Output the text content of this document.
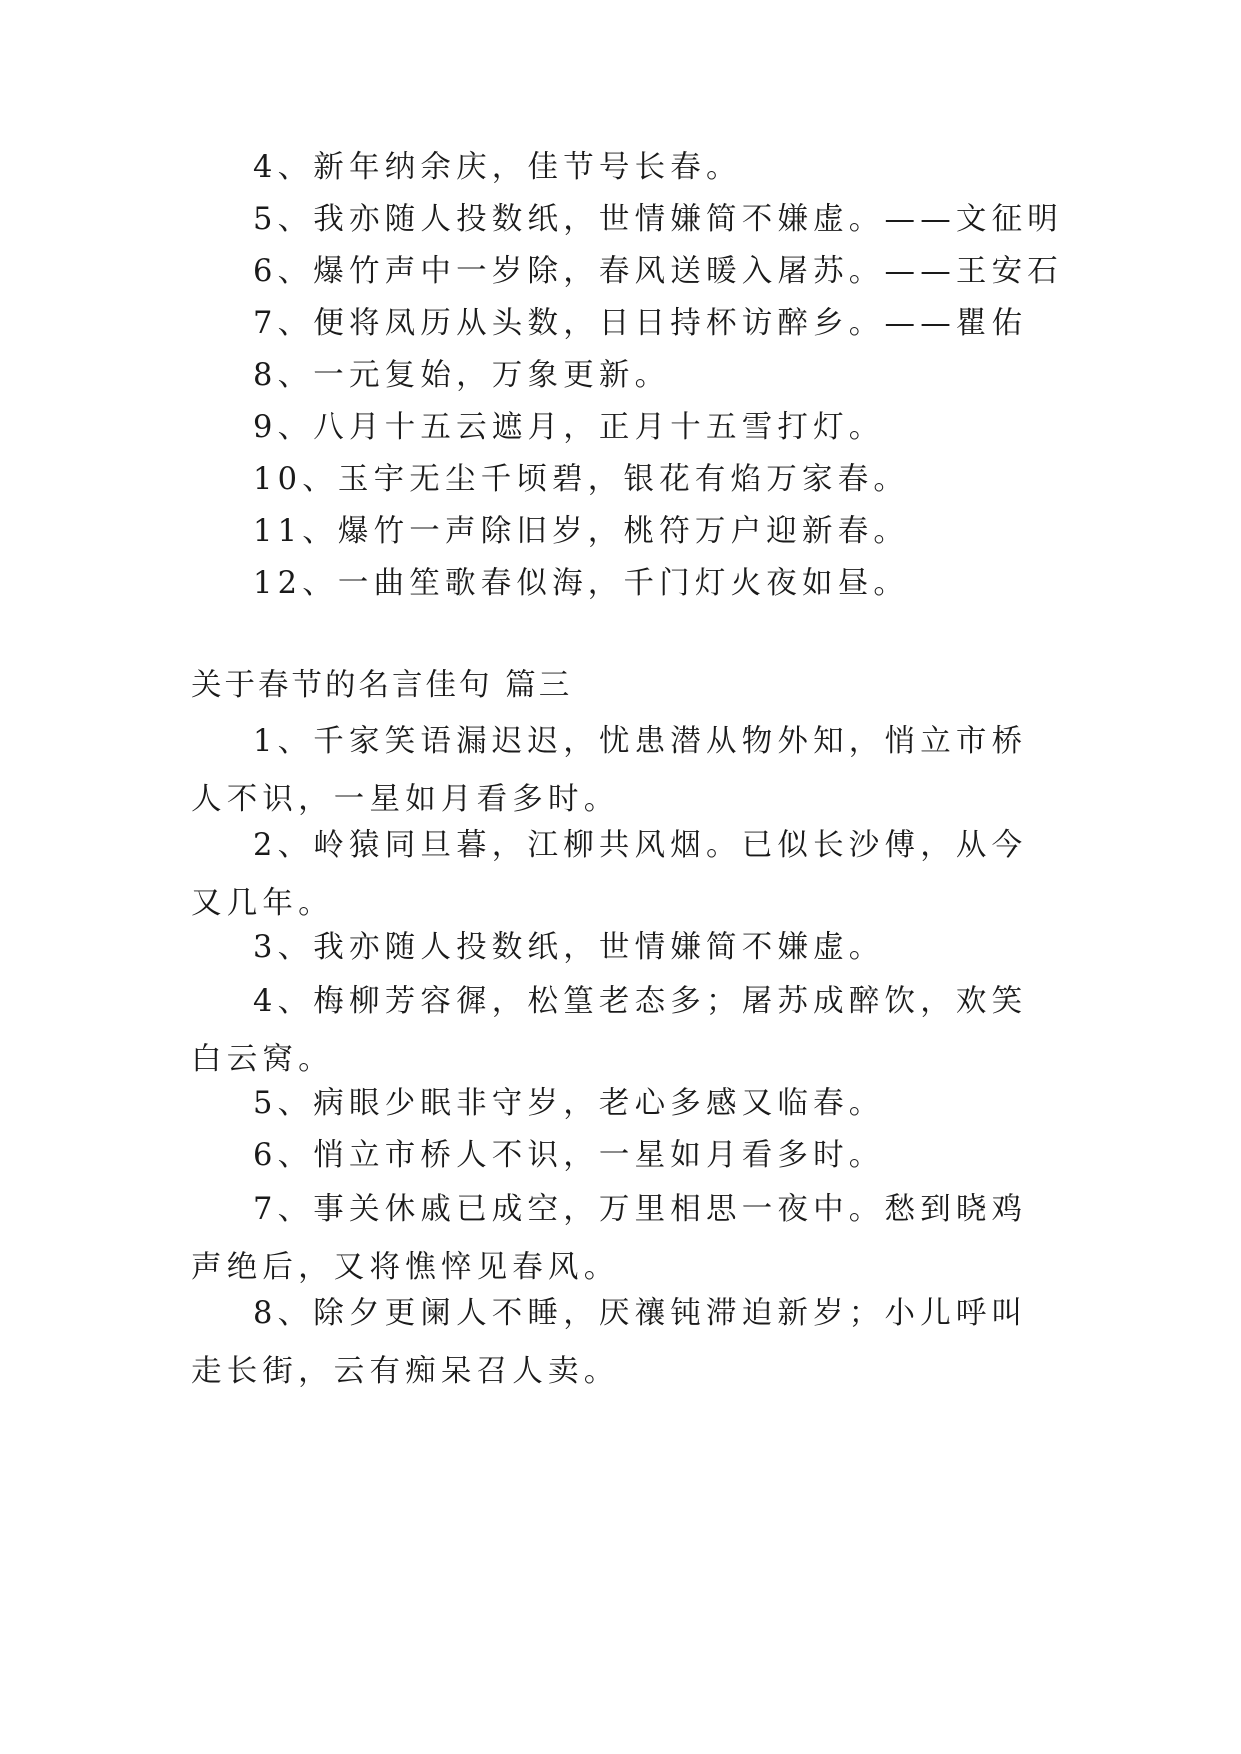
4、新年纳余庆，佳节号长春。
5、我亦随人投数纸，世情嫌简不嫌虚。——文征明
6、爆竹声中一岁除，春风送暖入屠苏。——王安石
7、便将凤历从头数，日日持杯访醉乡。——瞿佑
8、一元复始，万象更新。
9、八月十五云遮月，正月十五雪打灯。
10、玉宇无尘千顷碧，银花有焰万家春。
11、爆竹一声除旧岁，桃符万户迎新春。
12、一曲笙歌春似海，千门灯火夜如昼。
关于春节的名言佳句 篇三
1、千家笑语漏迟迟，忧患潜从物外知，悄立市桥人不识，一星如月看多时。
2、岭猿同旦暮，江柳共风烟。已似长沙傅，从今又几年。
3、我亦随人投数纸，世情嫌简不嫌虚。
4、梅柳芳容徲，松篁老态多；屠苏成醉饮，欢笑白云窝。
5、病眼少眠非守岁，老心多感又临春。
6、悄立市桥人不识，一星如月看多时。
7、事关休戚已成空，万里相思一夜中。愁到晓鸡声绝后，又将憔悴见春风。
8、除夕更阑人不睡，厌禳钝滞迫新岁；小儿呼叫走长街，云有痴呆召人卖。
